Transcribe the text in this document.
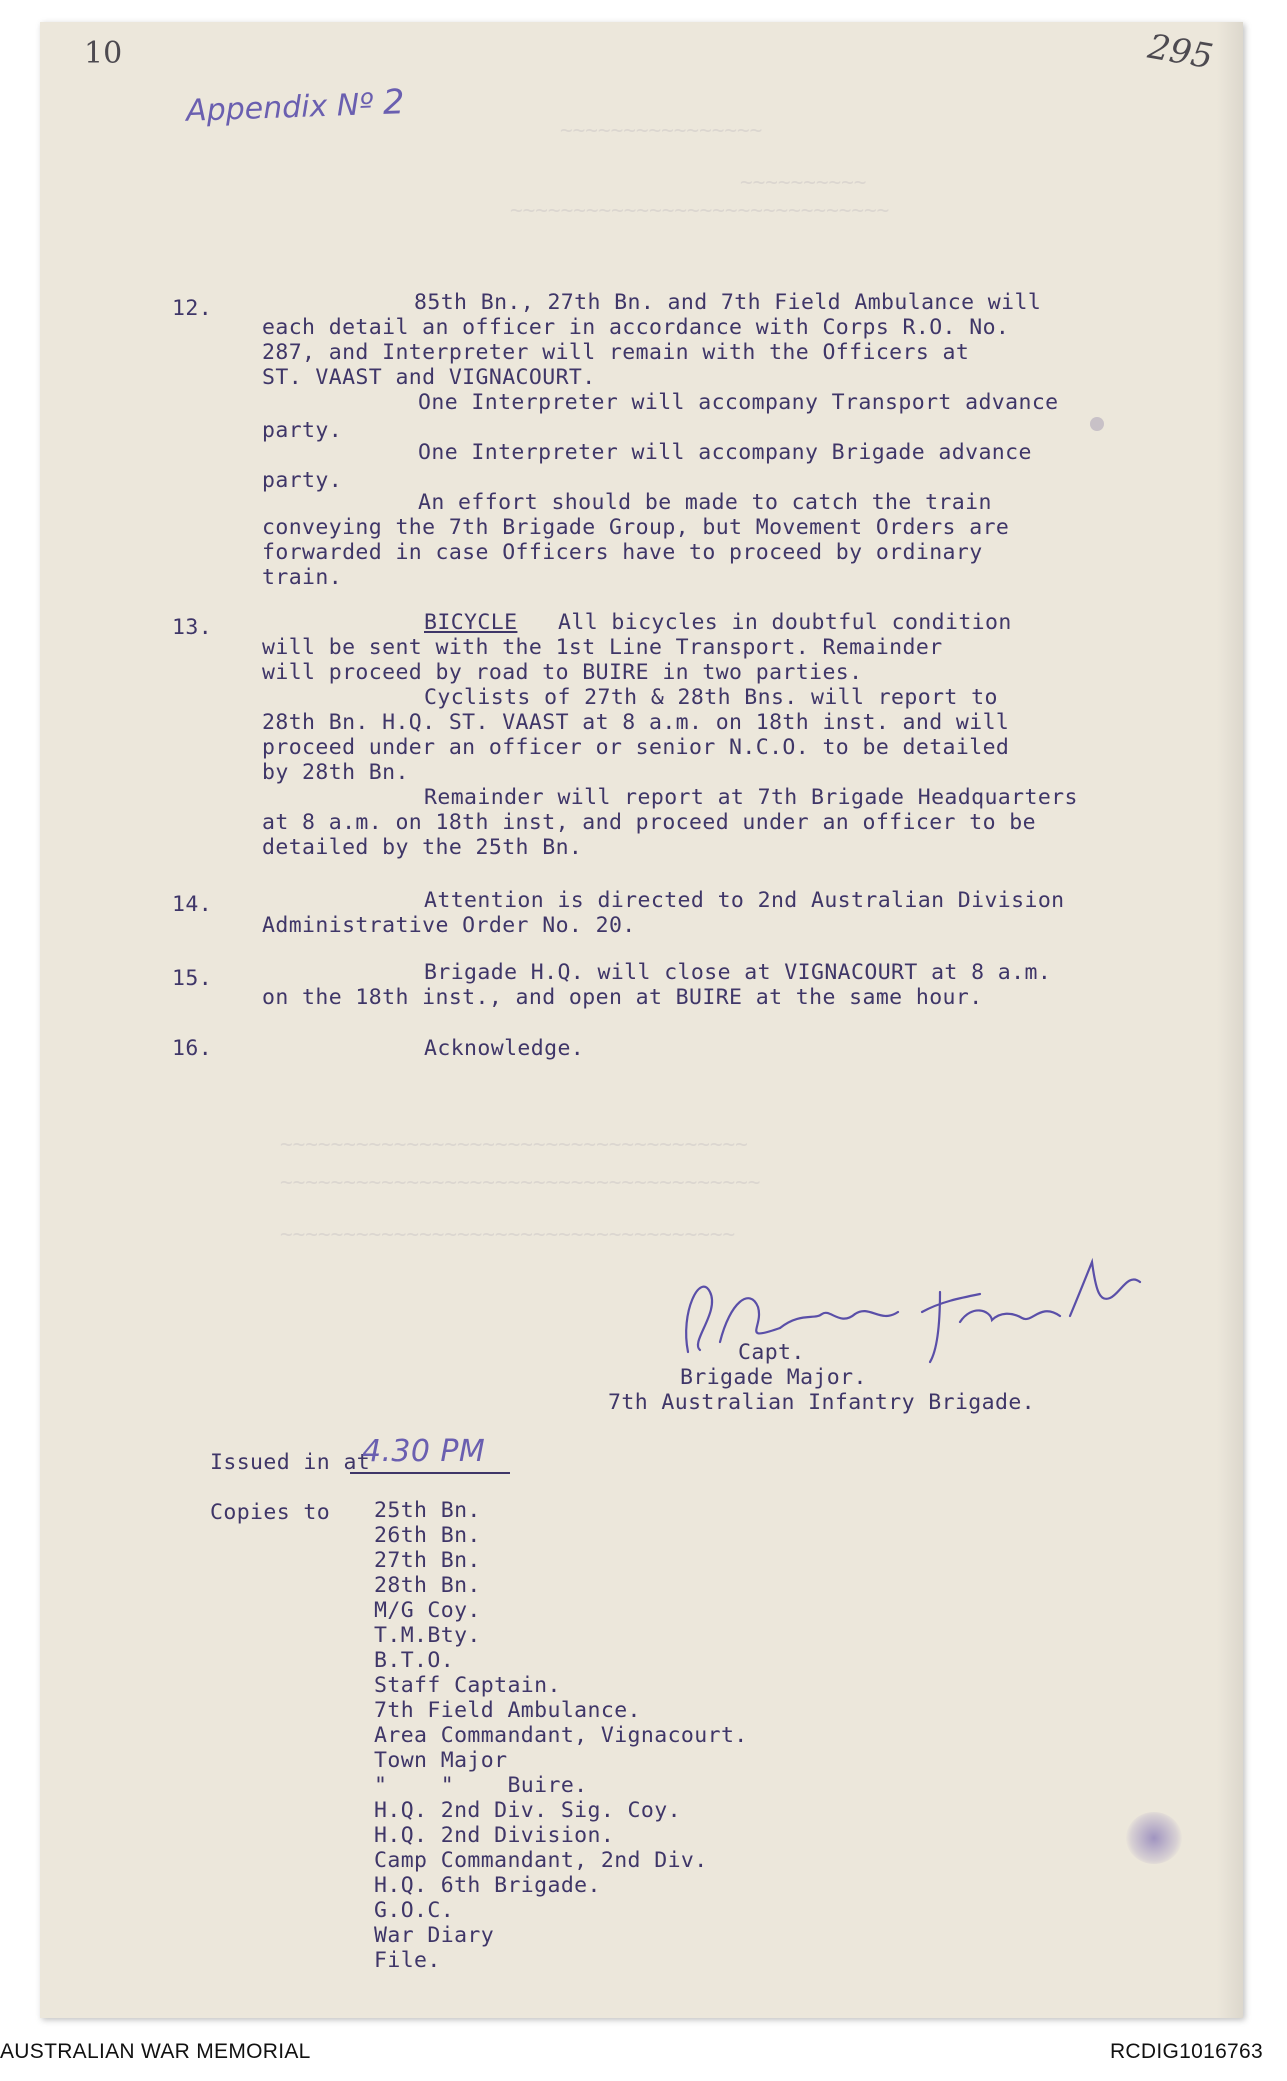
~~~~~~~~~~~~~~~~
~~~~~~~~~~
~~~~~~~~~~~~~~~~~~~~~~~~~~~~~~
~~~~~~~~~~~~~~~~~~~~~~~~~~~~~~~~~~~~~
~~~~~~~~~~~~~~~~~~~~~~~~~~~~~~~~~~~~~~
~~~~~~~~~~~~~~~~~~~~~~~~~~~~~~~~~~~~
10	295
Appendix Nº 2
12.	85th Bn., 27th Bn. and 7th Field Ambulance will
each detail an officer in accordance with Corps R.O. No.
287, and Interpreter will remain with the Officers at
ST. VAAST and VIGNACOURT.
One Interpreter will accompany Transport advance
party.
One Interpreter will accompany Brigade advance
party.
An effort should be made to catch the train
conveying the 7th Brigade Group, but Movement Orders are
forwarded in case Officers have to proceed by ordinary
train.
13.	BICYCLE All bicycles in doubtful condition
will be sent with the 1st Line Transport. Remainder
will proceed by road to BUIRE in two parties.
Cyclists of 27th & 28th Bns. will report to
28th Bn. H.Q. ST. VAAST at 8 a.m. on 18th inst. and will
proceed under an officer or senior N.C.O. to be detailed
by 28th Bn.
Remainder will report at 7th Brigade Headquarters
at 8 a.m. on 18th inst, and proceed under an officer to be
detailed by the 25th Bn.
14.	Attention is directed to 2nd Australian Division
Administrative Order No. 20.
15.	Brigade H.Q. will close at VIGNACOURT at 8 a.m.
on the 18th inst., and open at BUIRE at the same hour.
16.	Acknowledge.
Capt.
Brigade Major.
7th Australian Infantry Brigade.
Issued in at
4.30 PM
Copies to 25th Bn.
26th Bn.
27th Bn.
28th Bn.
M/G Coy.
T.M.Bty.
B.T.O.
Staff Captain.
7th Field Ambulance.
Area Commandant, Vignacourt.
Town Major
"    "    Buire.
H.Q. 2nd Div. Sig. Coy.
H.Q. 2nd Division.
Camp Commandant, 2nd Div.
H.Q. 6th Brigade.
G.O.C.
War Diary
File.
AUSTRALIAN WAR MEMORIAL	RCDIG1016763
